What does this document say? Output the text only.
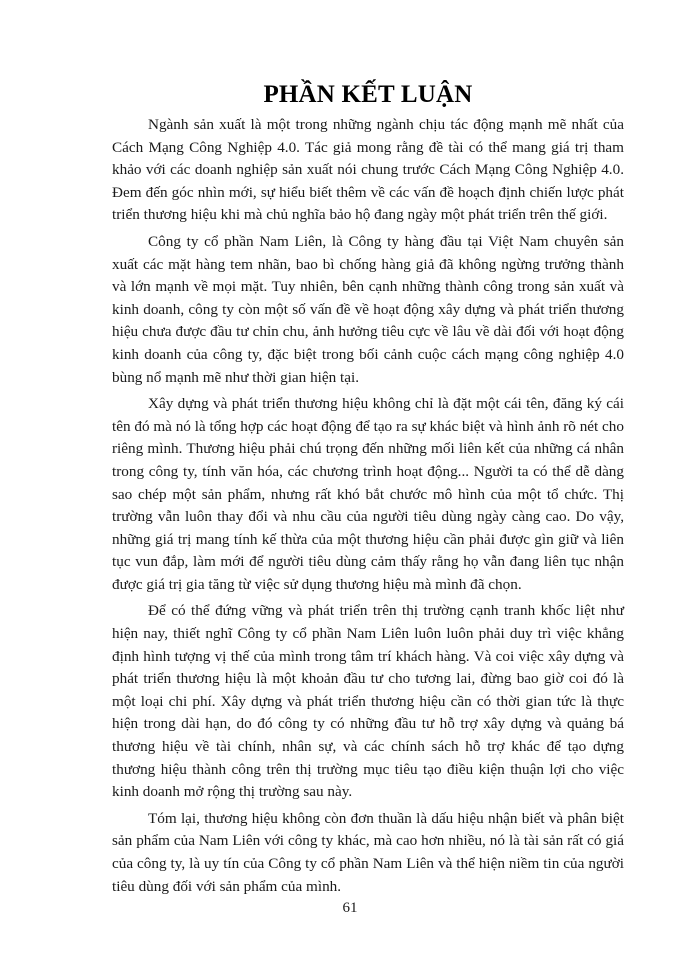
PHẦN KẾT LUẬN

Ngành sản xuất là một trong những ngành chịu tác động mạnh mẽ nhất của Cách Mạng Công Nghiệp 4.0. Tác giả mong rằng đề tài có thể mang giá trị tham khảo với các doanh nghiệp sản xuất nói chung trước Cách Mạng Công Nghiệp 4.0. Đem đến góc nhìn mới, sự hiểu biết thêm về các vấn đề hoạch định chiến lược phát triển thương hiệu khi mà chủ nghĩa bảo hộ đang ngày một phát triển trên thế giới.

Công ty cổ phần Nam Liên, là Công ty hàng đầu tại Việt Nam chuyên sản xuất các mặt hàng tem nhãn, bao bì chống hàng giả đã không ngừng trưởng thành và lớn mạnh về mọi mặt. Tuy nhiên, bên cạnh những thành công trong sản xuất và kinh doanh, công ty còn một số vấn đề về hoạt động xây dựng và phát triển thương hiệu chưa được đầu tư chỉn chu, ảnh hưởng tiêu cực về lâu về dài đối với hoạt động kinh doanh của công ty, đặc biệt trong bối cảnh cuộc cách mạng công nghiệp 4.0 bùng nổ mạnh mẽ như thời gian hiện tại.

Xây dựng và phát triển thương hiệu không chỉ là đặt một cái tên, đăng ký cái tên đó mà nó là tổng hợp các hoạt động để tạo ra sự khác biệt và hình ảnh rõ nét cho riêng mình. Thương hiệu phải chú trọng đến những mối liên kết của những cá nhân trong công ty, tính văn hóa, các chương trình hoạt động... Người ta có thể dễ dàng sao chép một sản phẩm, nhưng rất khó bắt chước mô hình của một tổ chức. Thị trường vẫn luôn thay đổi và nhu cầu của người tiêu dùng ngày càng cao. Do vậy, những giá trị mang tính kế thừa của một thương hiệu cần phải được gìn giữ và liên tục vun đắp, làm mới để người tiêu dùng cảm thấy rằng họ vẫn đang liên tục nhận được giá trị gia tăng từ việc sử dụng thương hiệu mà mình đã chọn.

Để có thể đứng vững và phát triển trên thị trường cạnh tranh khốc liệt như hiện nay, thiết nghĩ Công ty cổ phần Nam Liên luôn luôn phải duy trì việc khẳng định hình tượng vị thế của mình trong tâm trí khách hàng. Và coi việc xây dựng và phát triển thương hiệu là một khoản đầu tư cho tương lai, đừng bao giờ coi đó là một loại chi phí. Xây dựng và phát triển thương hiệu cần có thời gian tức là thực hiện trong dài hạn, do đó công ty có những đầu tư hỗ trợ xây dựng và quảng bá thương hiệu về tài chính, nhân sự, và các chính sách hỗ trợ khác để tạo dựng thương hiệu thành công trên thị trường mục tiêu tạo điều kiện thuận lợi cho việc kinh doanh mở rộng thị trường sau này.

Tóm lại, thương hiệu không còn đơn thuần là dấu hiệu nhận biết và phân biệt sản phẩm của Nam Liên với công ty khác, mà cao hơn nhiều, nó là tài sản rất có giá của công ty, là uy tín của Công ty cổ phần Nam Liên và thể hiện niềm tin của người tiêu dùng đối với sản phẩm của mình.

61
